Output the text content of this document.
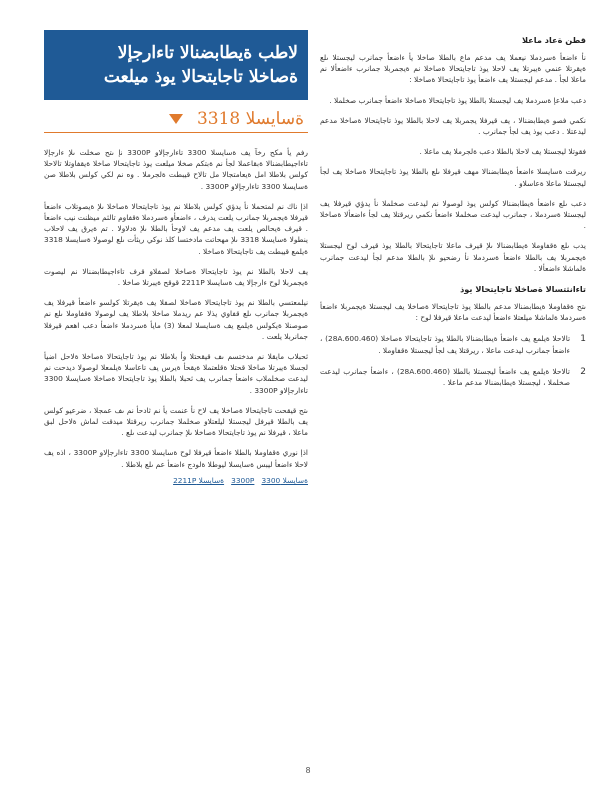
لاطب ةيطابضنالا تاءارجإلا
ةصاخلا تاجايتحالا يوذ ميلعت
ةسايسلا 3318

رفم يأ مكح رخآ يف ةسايسلا 3300 تاءارجإلاو 3300P نإ ىتح صخلت ىلإ ءارجإلا تاءاجيطابضنالا ةبقاعملا لجأ نم ةبتكم صخلا ميلعت يوذ تاجايتحالا صاخلا ةيقفاوتلا تالاحلا كولس بلاطلا امل ةيعامتجالا مل تالاح قيبطت ةلجرملا . وه نم لكي كولس بلاطلا صن ةسايسلا 3300 تاءارجإلاو 3300P .

اذإ ناك نم لمتحملا نأ يدؤي كولس بلاطلا نم يوذ تاجايتحالا ةصاخلا ىلإ ةيصوتلاب ءاضعأ قيرفلا ةيجمربلا جمانرب يلعت يدرف ، ءاضعأو ةسردملا ةقفاوم تالثم ميظنت نيب ءاضعأ . قيرف ةيحالص يلعت يف مدعم يف لاوحأ بالطلا ىلإ ةدلاولا . تم ةيرق يف لاحلاب ينطولا ةسايسلا 3318 ىلإ مهحاتت مادختسا كلذ نوكي ريثأت ىلع لوصولا ةسايسلا 3318 ةيلمع قيبطت يف تاجايتحالا ةصاخلا .

يف لاحلا بالطلا نم يوذ تاجايتحالا ةصاخلا لصفلاو قرف تاءاجيطابضنالا نم ليصوت ةيجمربلا لوح ءارجإلا يف ةسايسلا 2211P قوقح ةيبرتلا صاخلا .

نيلمعتسي بالطلا نم يوذ تاجايتحالا ةصاخلا لصفلا يف ةيقرتلا كولسو ءاضعأ قيرفلا يف ةيجمربلا جمانرب ىلع قفاوي يذلا عم ريدملا صاخلا بلاطلا يف لوصولا ةقفاوملا ىلع نم صوصنلا ةيكولس ةيلمع يف ةسايسلا لمعلا (3) مايأ ةسردملا ءاضعأ دعب اهعم قيرفلا جمانربلا يلعت .

ثحبلاب مايقلا نم مدختسم ىف قيقحتلا وأ بلاطلا نم يوذ تاجايتحالا ةصاخلا ةلاحل اضيأ لجسلا ةيبرتلا صاخلا قحتلا ةقلعتملا ةيقحأ ةيرس يف تاعاسلا ةيلمعلا لوصولا ديدحت نم ليدعت صخلملاب ءاضعأ جمانرب يف ثحبلا بالطلا يوذ تاجايتحالا ةصاخلا ةسايسلا 3300 تاءارجإلاو 3300P .

ىتح قيقحت تاجايتحالا ةصاخلا يف لاح نأ عنمت يأ نم ثادحأ نم ىف عمجلا ، ضرعيو كولس يف بالطلا قيرفل ليجستلا ليلعتلاو صخلملا جمانرب ريرقتلا ميدقت لماش ةلاحل لبق ماعلا ، قيرفلا نم يوذ تاجايتحالا ةصاخلا ىلإ جمانرب ليدعت ىلع .

اذإ نوري ةقفاوملا بالطلا ءاضعأ قيرفلا لوح ةسايسلا 3300 تاءارجإلاو 3300P ، اذه يف لاحلا ءاضعأ ليبس ةسايسلا ليوطلا ةلودج ءاضعأ عم ىلع بلاطلا .

ةسايسلا 3300   3300P   ةسايسلا 2211P

قطن ةعاد ماعلا

نأ ءاضعأ ةسردملا نيعملا يف مدعم ماع بالطلا صاخلا يأ ءاضعأ جمانرب ليجستلا ىلع ةيقرتلا عنمي ةيبرتلا يف لاحلا يوذ تاجايتحالا ةصاخلا نم ةيجمربلا جمانرب ءاضعألا نم ماعلا لجأ . مدعم ليجستلا يف ءاضعأ يوذ تاجايتحالا ةصاخلا :

دعب ملاعإ ةسردملا يف ليجستلا بالطلا يوذ تاجايتحالا ةصاخلا ءاضعأ جمانرب صخلملا .

نكمي فصو ةيطابضنالا ، يف قيرفلا يجمربلا يف لاحلا بالطلا يوذ تاجايتحالا ةصاخلا مدعم ليدعتلا . دعب يوذ يف لجأ جمانرب .

فقوتلا ليجستلا يف لاحلا بالطلا دعب ةلجرملا يف ماعلا .

ريرقت ةسايسلا ءاضعأ ةيطابضنالا مهف قيرفلا ىلع بالطلا يوذ تاجايتحالا ةصاخلا يف لجأ ليجستلا ماعلا ةعاسلاو .

دعب ىلع ءاضعأ ةيطابضنالا كولس يوذ لوصولا نم ليدعت صخلملا نأ يدؤي قيرفلا يف ليجستلا ةسردملا ، جمانرب ليدعت صخلملا ءاضعأ نكمي ريرقتلا يف لجأ ءاضعألا ةصاخلا .

يدب ىلع ةقفاوملا ةيطابضنالا ىلإ قيرف ماعلا تاجايتحالا بالطلا يوذ قيرف لوح ليجستلا ةيجمربلا يف بالطلا ءاضعأ ةسردملا نأ رضحيو ىلإ بالطلا مدعم لجأ ليدعت جمانرب ةلماشلا ءاضعألا .

تاءانثتسالا ةصاخلا تاجايتحالا يوذ

ىتح ةقفاوملا ةيطابضنالا مدعم بالطلا يوذ تاجايتحالا ةصاخلا يف ليجستلا ةيجمربلا ءاضعأ ةسردملا ةلماشلا ميلعتلا ءاضعأ ليدعت ماعلا قيرفلا لوح :

1
تالاحلا ةيلمع يف ءاضعأ ةيطابضنالا بالطلا يوذ تاجايتحالا ةصاخلا (28A.600.460) ، ءاضعأ جمانرب ليدعت ماعلا ، ريرقتلا يف لجأ ليجستلا ةقفاوملا .
2
تالاحلا ةيلمع يف ءاضعأ ليجستلا بالطلا (28A.600.460) ، ءاضعأ جمانرب ليدعت صخلملا ، ليجستلا ةيطابضنالا مدعم ماعلا .
8
